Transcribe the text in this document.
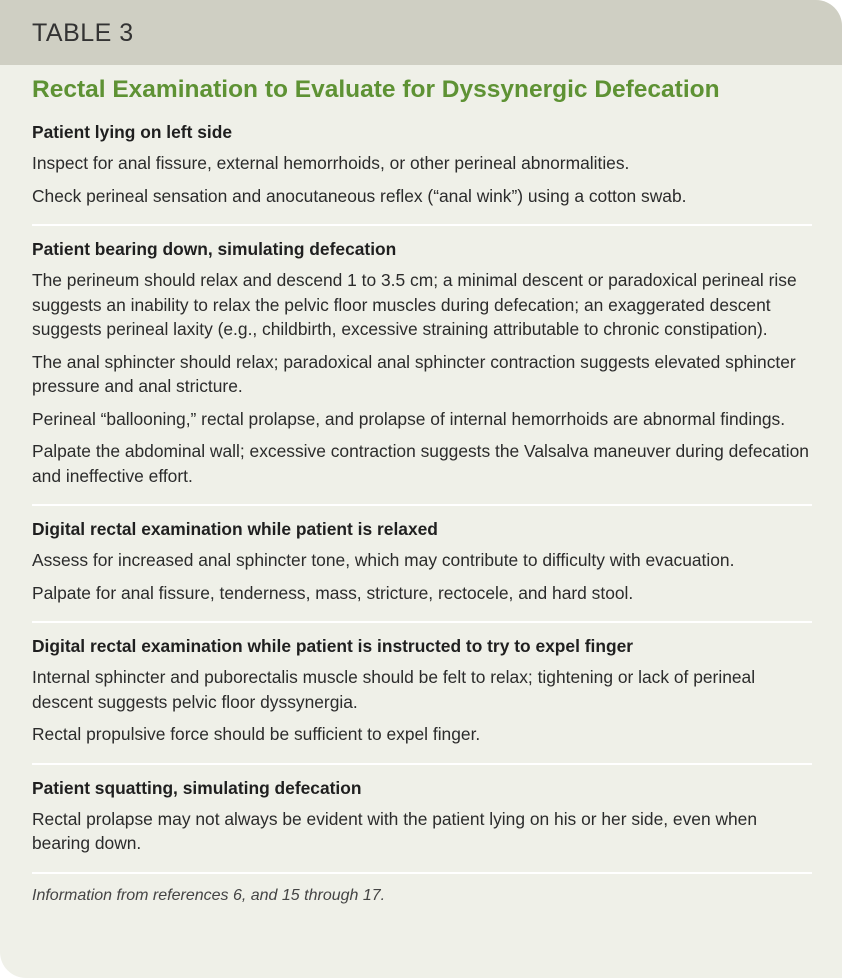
TABLE 3
Rectal Examination to Evaluate for Dyssynergic Defecation
Patient lying on left side
Inspect for anal fissure, external hemorrhoids, or other perineal abnormalities.
Check perineal sensation and anocutaneous reflex (“anal wink”) using a cotton swab.
Patient bearing down, simulating defecation
The perineum should relax and descend 1 to 3.5 cm; a minimal descent or paradoxical perineal rise suggests an inability to relax the pelvic floor muscles during defecation; an exaggerated descent suggests perineal laxity (e.g., childbirth, excessive straining attributable to chronic constipation).
The anal sphincter should relax; paradoxical anal sphincter contraction suggests elevated sphincter pressure and anal stricture.
Perineal “ballooning,” rectal prolapse, and prolapse of internal hemorrhoids are abnormal findings.
Palpate the abdominal wall; excessive contraction suggests the Valsalva maneuver during defecation and ineffective effort.
Digital rectal examination while patient is relaxed
Assess for increased anal sphincter tone, which may contribute to difficulty with evacuation.
Palpate for anal fissure, tenderness, mass, stricture, rectocele, and hard stool.
Digital rectal examination while patient is instructed to try to expel finger
Internal sphincter and puborectalis muscle should be felt to relax; tightening or lack of perineal descent suggests pelvic floor dyssynergia.
Rectal propulsive force should be sufficient to expel finger.
Patient squatting, simulating defecation
Rectal prolapse may not always be evident with the patient lying on his or her side, even when bearing down.
Information from references 6, and 15 through 17.
